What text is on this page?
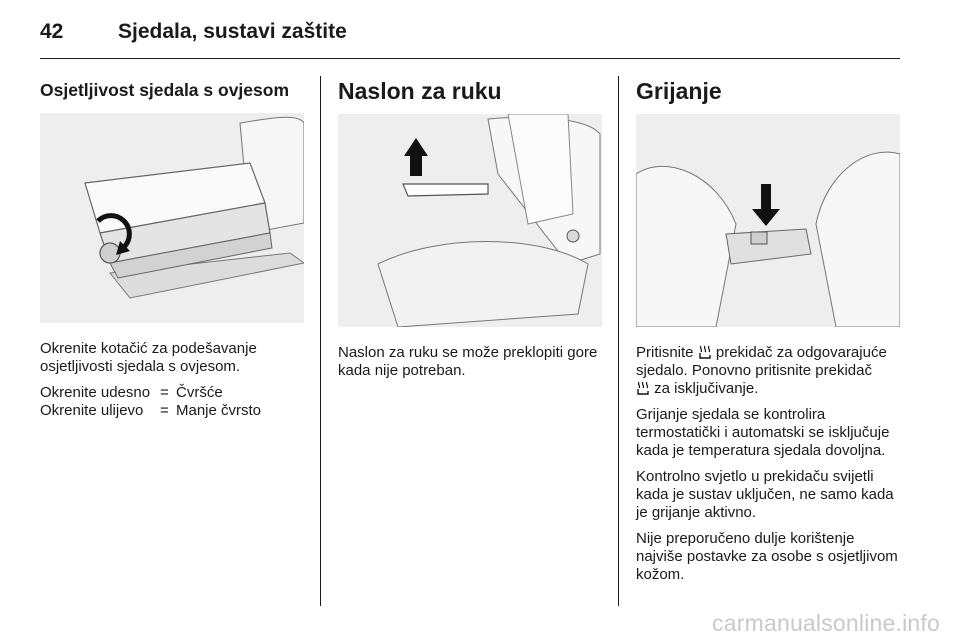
42	Sjedala, sustavi zaštite
Osjetljivost sjedala s ovjesom
Okrenite kotačić za podešavanje osjetljivosti sjedala s ovjesom.
Okrenite udesno = Čvršće
Okrenite ulijevo	= Manje čvrsto
Naslon za ruku
Naslon za ruku se može preklopiti gore kada nije potreban.
Grijanje
Pritisnite  prekidač za odgovarajuće sjedalo. Ponovno pritisnite prekidač
za isključivanje.
Grijanje sjedala se kontrolira termostatički i automatski se isključuje kada je temperatura sjedala dovoljna.
Kontrolno svjetlo u prekidaču svijetli kada je sustav uključen, ne samo kada je grijanje aktivno.
Nije preporučeno dulje korištenje najviše postavke za osobe s osjetljivom kožom.
carmanualsonline.info
